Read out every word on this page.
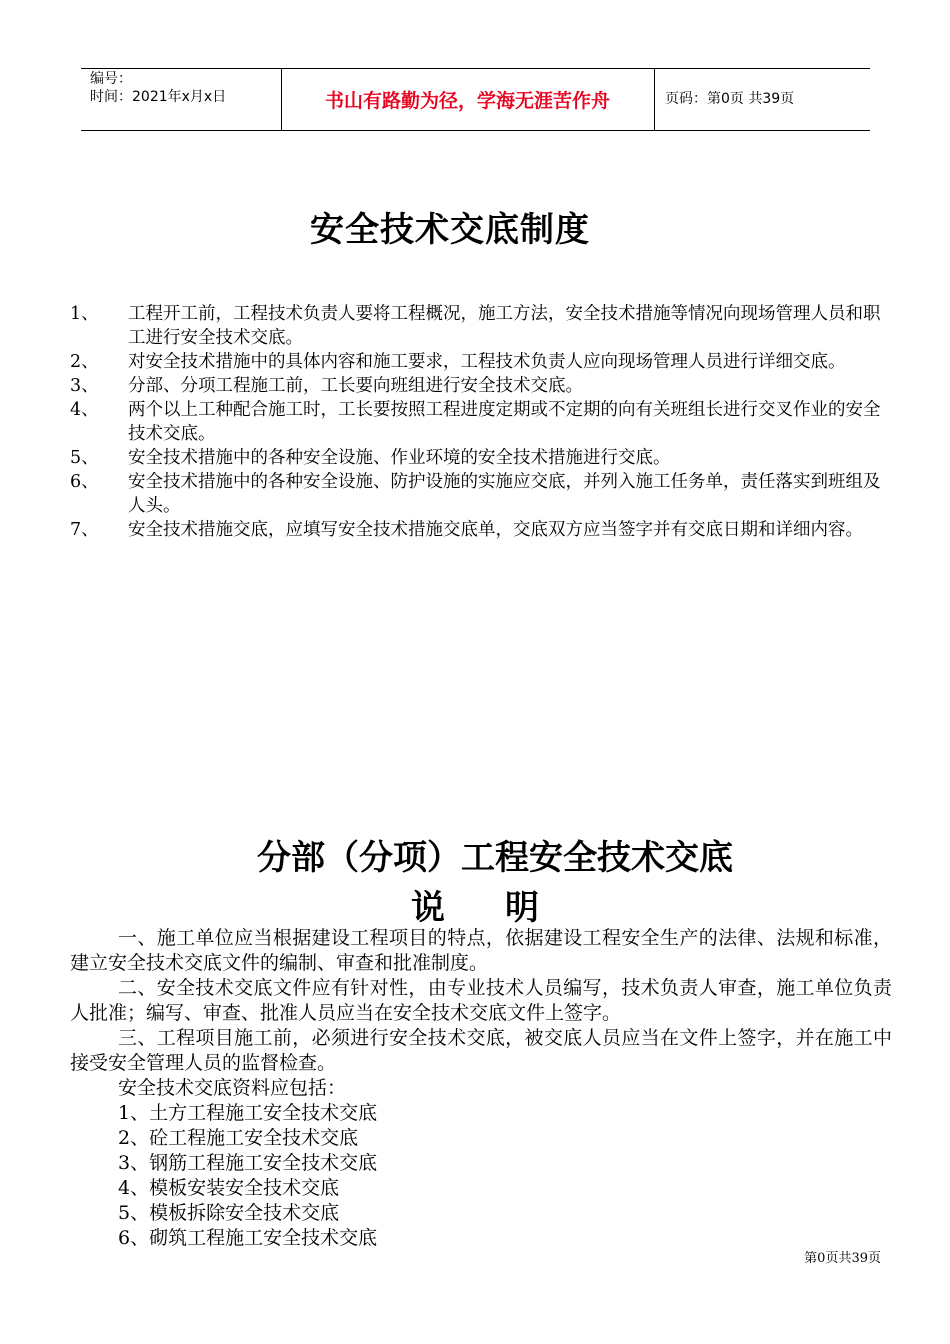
编号：
时间：2021年x月x日	书山有路勤为径，学海无涯苦作舟	页码：第0页 共39页
安全技术交底制度
1、 工程开工前，工程技术负责人要将工程概况，施工方法，安全技术措施等情况向现场管理人员和职工进行安全技术交底。
2、 对安全技术措施中的具体内容和施工要求，工程技术负责人应向现场管理人员进行详细交底。
3、 分部、分项工程施工前，工长要向班组进行安全技术交底。
4、 两个以上工种配合施工时，工长要按照工程进度定期或不定期的向有关班组长进行交叉作业的安全技术交底。
5、 安全技术措施中的各种安全设施、作业环境的安全技术措施进行交底。
6、 安全技术措施中的各种安全设施、防护设施的实施应交底，并列入施工任务单，责任落实到班组及人头。
7、 安全技术措施交底，应填写安全技术措施交底单，交底双方应当签字并有交底日期和详细内容。
分部（分项）工程安全技术交底
说明
一、施工单位应当根据建设工程项目的特点，依据建设工程安全生产的法律、法规和标准，建立安全技术交底文件的编制、审查和批准制度。
二、安全技术交底文件应有针对性，由专业技术人员编写，技术负责人审查，施工单位负责人批准；编写、审查、批准人员应当在安全技术交底文件上签字。
三、工程项目施工前，必须进行安全技术交底，被交底人员应当在文件上签字，并在施工中接受安全管理人员的监督检查。
安全技术交底资料应包括：
1、土方工程施工安全技术交底
2、砼工程施工安全技术交底
3、钢筋工程施工安全技术交底
4、模板安装安全技术交底
5、模板拆除安全技术交底
6、砌筑工程施工安全技术交底
第0页共39页
